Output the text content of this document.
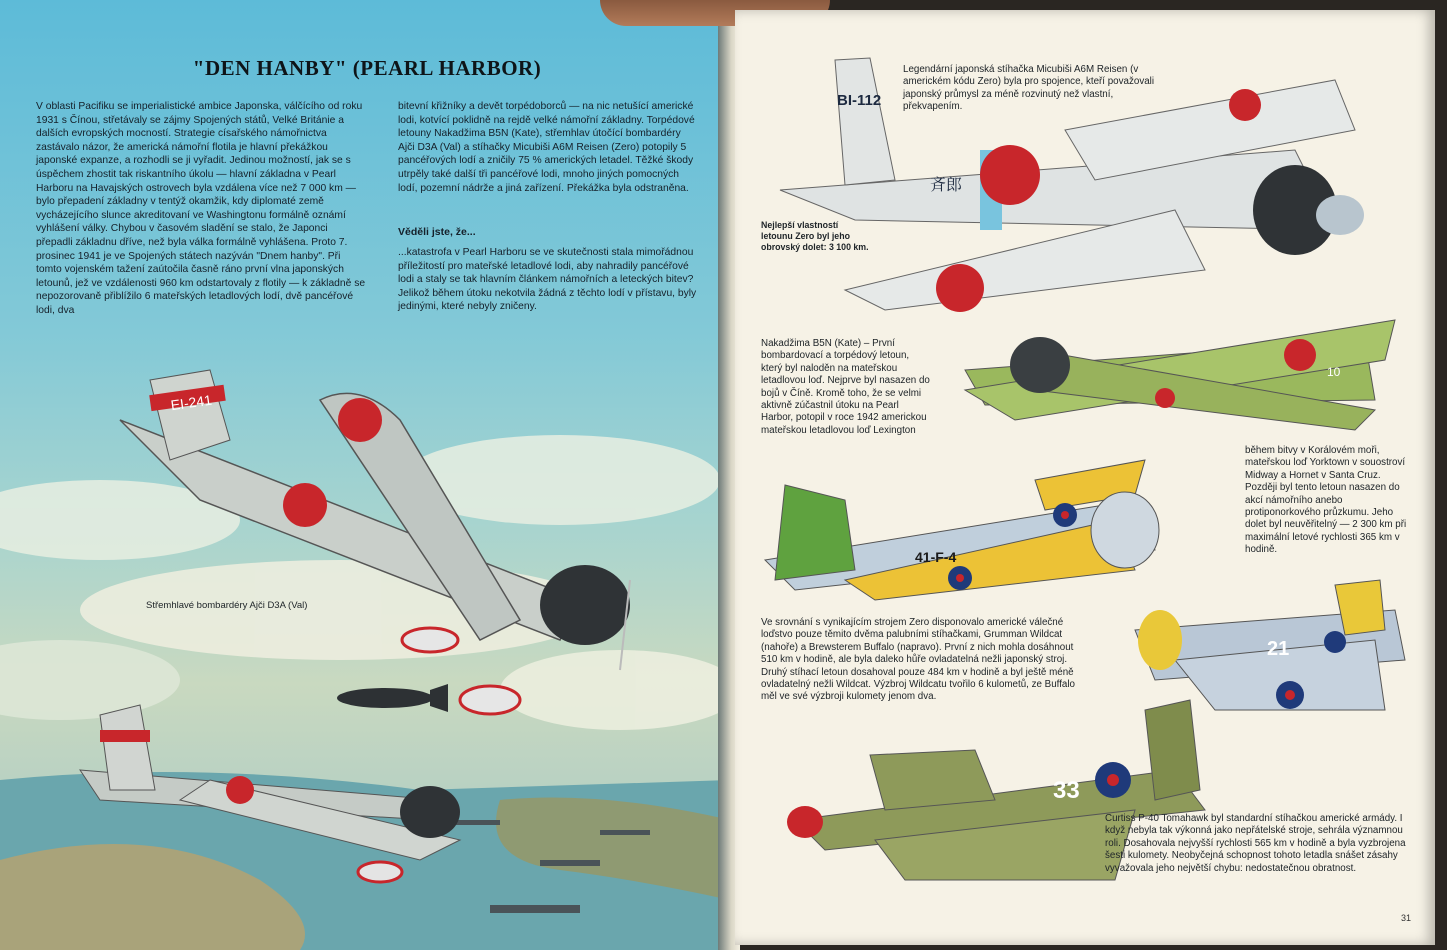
EI-241
"DEN HANBY" (PEARL HARBOR)
V oblasti Pacifiku se imperialistické ambice Japonska, válčícího od roku 1931 s Čínou, střetávaly se zájmy Spojených států, Velké Británie a dalších evropských mocností. Strategie císařského námořnictva zastávalo názor, že americká námořní flotila je hlavní překážkou japonské expanze, a rozhodli se ji vyřadit. Jedinou možností, jak se s úspěchem zhostit tak riskantního úkolu — hlavní základna v Pearl Harboru na Havajských ostrovech byla vzdálena více než 7 000 km — bylo přepadení základny v tentýž okamžik, kdy diplomaté země vycházejícího slunce akreditovaní ve Washingtonu formálně oznámí vyhlášení války. Chybou v časovém sladění se stalo, že Japonci přepadli základnu dříve, než byla válka formálně vyhlášena. Proto 7. prosinec 1941 je ve Spojených státech nazýván "Dnem hanby". Při tomto vojenském tažení zaútočila časně ráno první vlna japonských letounů, jež ve vzdálenosti 960 km odstartovaly z flotily — k základně se nepozorovaně přiblížilo 6 mateřských letadlových lodí, dvě pancéřové lodi, dva
bitevní křižníky a devět torpédoborců — na nic netušící americké lodi, kotvící poklidně na rejdě velké námořní základny. Torpédové letouny Nakadžima B5N (Kate), střemhlav útočící bombardéry Ajči D3A (Val) a stíhačky Micubiši A6M Reisen (Zero) potopily 5 pancéřových lodí a zničily 75 % amerických letadel. Těžké škody utrpěly také další tři pancéřové lodi, mnoho jiných pomocných lodí, pozemní nádrže a jiná zařízení. Překážka byla odstraněna.
Věděli jste, že...
...katastrofa v Pearl Harboru se ve skutečnosti stala mimořádnou příležitostí pro mateřské letadlové lodi, aby nahradily pancéřové lodi a staly se tak hlavním článkem námořních a leteckých bitev? Jelikož během útoku nekotvila žádná z těchto lodí v přístavu, byly jedinými, které nebyly zničeny.
Střemhlavé bombardéry Ajči D3A (Val)
BI-112
斉郎
10
41-F-4
21
33
Legendární japonská stíhačka Micubiši A6M Reisen (v americkém kódu Zero) byla pro spojence, kteří považovali japonský průmysl za méně rozvinutý než vlastní, překvapením.
Nejlepší vlastností letounu Zero byl jeho obrovský dolet: 3 100 km.
Nakadžima B5N (Kate) – První bombardovací a torpédový letoun, který byl naloděn na mateřskou letadlovou loď. Nejprve byl nasazen do bojů v Číně. Kromě toho, že se velmi aktivně zúčastnil útoku na Pearl Harbor, potopil v roce 1942 americkou mateřskou letadlovou loď Lexington
během bitvy v Korálovém moři, mateřskou loď Yorktown v souostroví Midway a Hornet v Santa Cruz. Později byl tento letoun nasazen do akcí námořního anebo protiponorkového průzkumu. Jeho dolet byl neuvěřitelný — 2 300 km při maximální letové rychlosti 365 km v hodině.
Ve srovnání s vynikajícím strojem Zero disponovalo americké válečné loďstvo pouze těmito dvěma palubními stíhačkami, Grumman Wildcat (nahoře) a Brewsterem Buffalo (napravo). První z nich mohla dosáhnout 510 km v hodině, ale byla daleko hůře ovladatelná nežli japonský stroj. Druhý stíhací letoun dosahoval pouze 484 km v hodině a byl ještě méně ovladatelný nežli Wildcat. Výzbroj Wildcatu tvořilo 6 kulometů, ze Buffalo měl ve své výzbroji kulomety jenom dva.
Curtiss P-40 Tomahawk byl standardní stíhačkou americké armády. I když nebyla tak výkonná jako nepřátelské stroje, sehrála významnou roli. Dosahovala nejvyšší rychlosti 565 km v hodině a byla vyzbrojena šesti kulomety. Neobyčejná schopnost tohoto letadla snášet zásahy vyvažovala jeho největší chybu: nedostatečnou obratnost.
31
